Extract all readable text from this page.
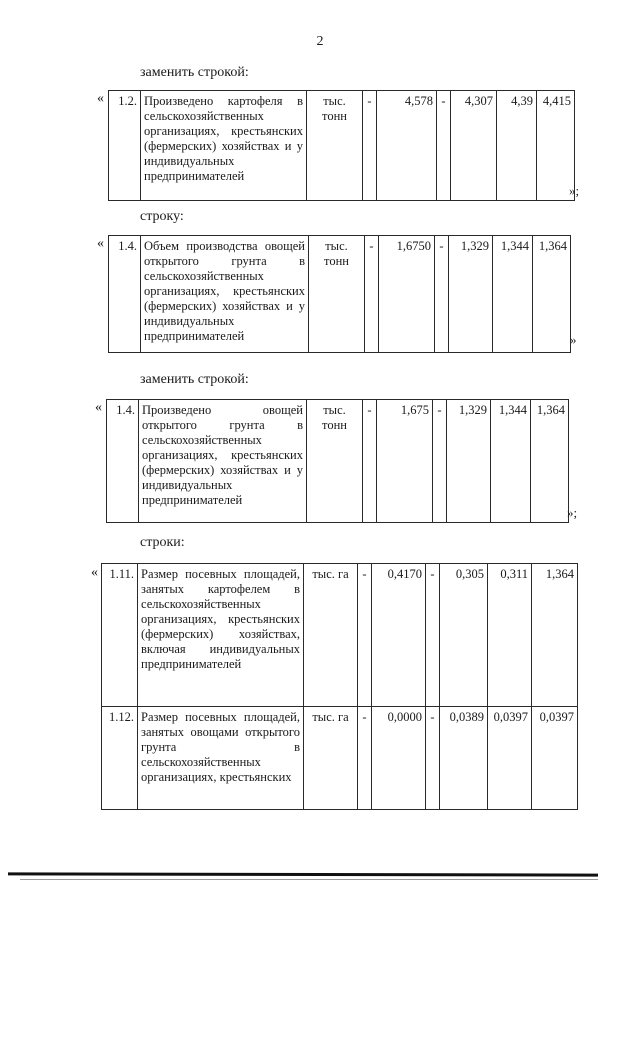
2
заменить строкой:
« 1.2.	Произведено картофеля в сельскохозяйственных организациях, крестьянских (фермерских) хозяйствах и у индивидуальных предпринимателей	тыс. тонн	-	4,578	-	4,307	4,39	4,415
»;
строку:
« 1.4.	Объем производства овощей открытого грунта в сельскохозяйственных организациях, крестьянских (фермерских) хозяйствах и у индивидуальных предпринимателей	тыс. тонн	-	1,6750	-	1,329	1,344	1,364
»
заменить строкой:
« 1.4.	Произведено овощей открытого грунта в сельскохозяйственных организациях, крестьянских (фермерских) хозяйствах и у индивидуальных предпринимателей	тыс. тонн	-	1,675	-	1,329	1,344	1,364
»;
строки:
« 1.11.	Размер посевных площадей, занятых картофелем в сельскохозяйственных организациях, крестьянских (фермерских) хозяйствах, включая индивидуальных предпринимателей	тыс. га	-	0,4170	-	0,305	0,311	1,364
1.12.	Размер посевных площадей, занятых овощами открытого грунта в сельскохозяйственных организациях, крестьянских	тыс. га	-	0,0000	-	0,0389	0,0397	0,0397
